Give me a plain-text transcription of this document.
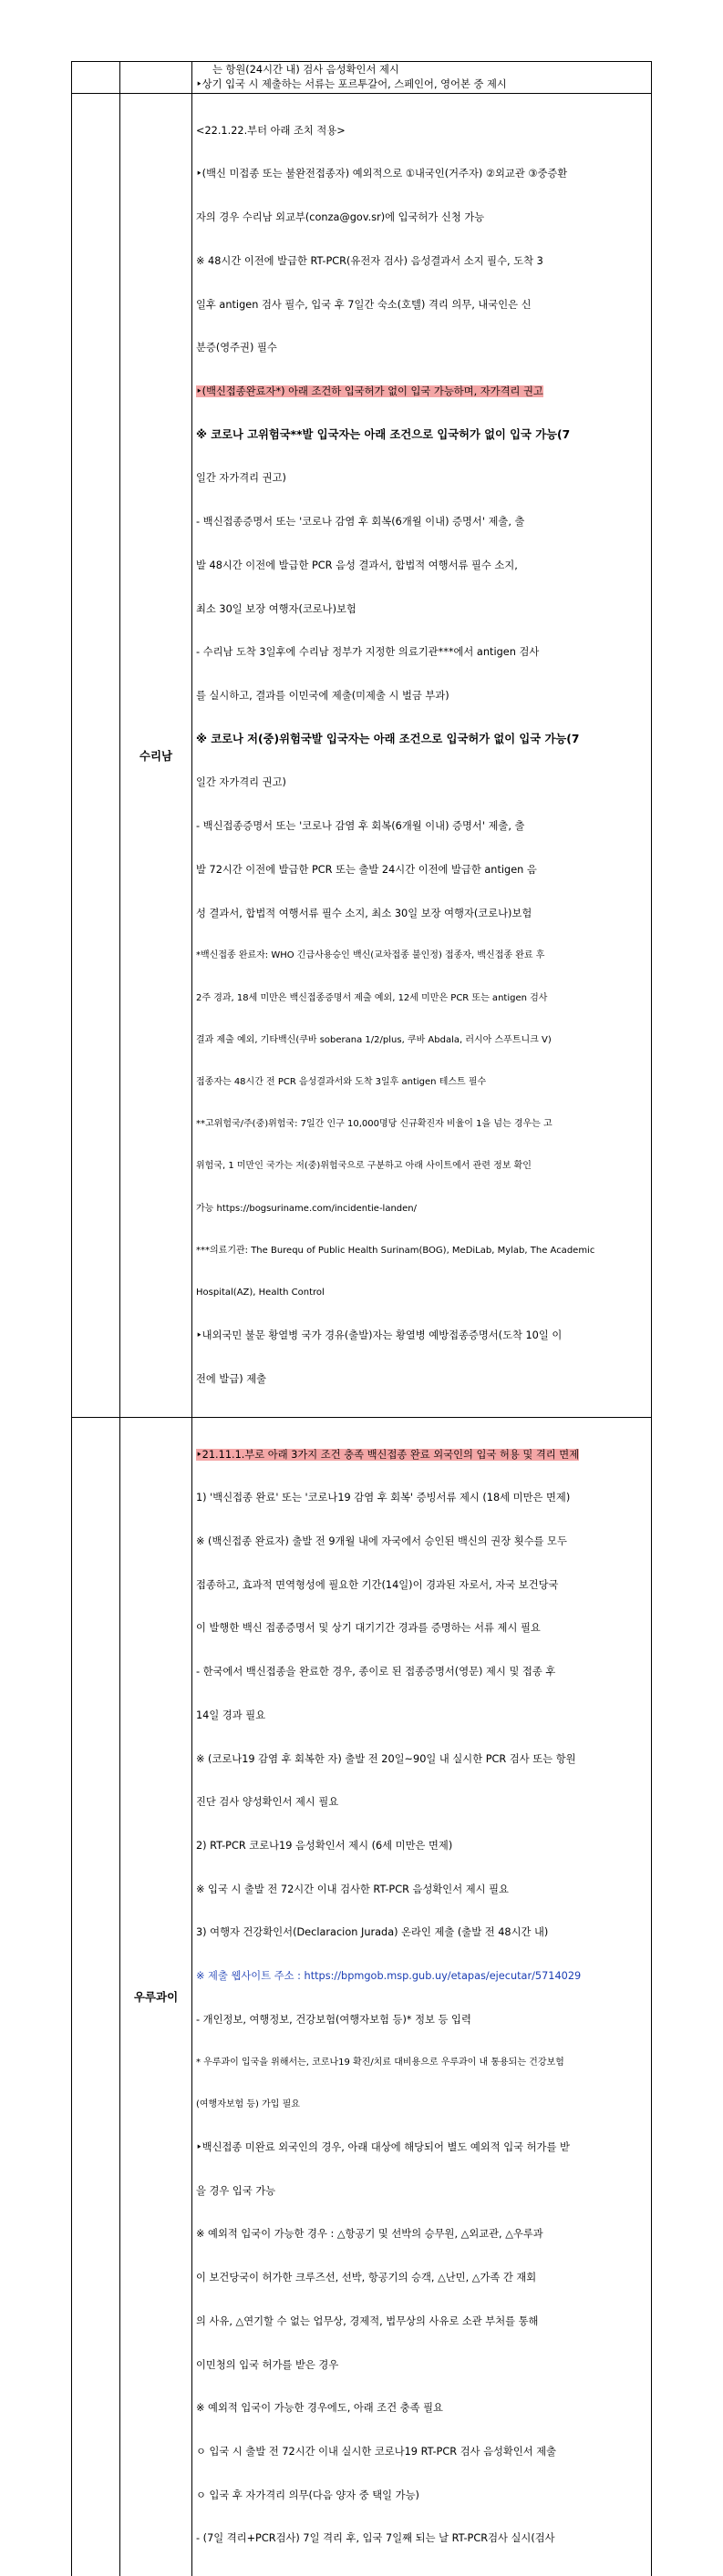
는 항원(24시간 내) 검사 음성확인서 제시
‣상기 입국 시 제출하는 서류는 포르투갈어, 스페인어, 영어본 중 제시
수리남

<22.1.22.부터 아래 조치 적용>

‣(백신 미접종 또는 불완전접종자) 예외적으로 ①내국인(거주자) ②외교관 ③중증환

자의 경우 수리남 외교부(conza@gov.sr)에 입국허가 신청 가능

※ 48시간 이전에 발급한 RT-PCR(유전자 검사) 음성결과서 소지 필수, 도착 3

일후 antigen 검사 필수, 입국 후 7일간 숙소(호텔) 격리 의무, 내국인은 신

분증(영주권) 필수

‣(백신접종완료자*) 아래 조건하 입국허가 없이 입국 가능하며, 자가격리 권고

※ 코로나 고위험국**발 입국자는 아래 조건으로 입국허가 없이 입국 가능(7

일간 자가격리 권고)

- 백신접종증명서 또는 '코로나 감염 후 회복(6개월 이내) 증명서' 제출, 출

발 48시간 이전에 발급한 PCR 음성 결과서, 합법적 여행서류 필수 소지,

최소 30일 보장 여행자(코로나)보험

- 수리남 도착 3일후에 수리남 정부가 지정한 의료기관***에서 antigen 검사

를 실시하고, 결과를 이민국에 제출(미제출 시 벌금 부과)

※ 코로나 저(중)위험국발 입국자는 아래 조건으로 입국허가 없이 입국 가능(7

일간 자가격리 권고)

- 백신접종증명서 또는 '코로나 감염 후 회복(6개월 이내) 증명서' 제출, 출

발 72시간 이전에 발급한 PCR 또는 출발 24시간 이전에 발급한 antigen 음

성 결과서, 합법적 여행서류 필수 소지, 최소 30일 보장 여행자(코로나)보험

*백신접종 완료자: WHO 긴급사용승인 백신(교차접종 불인정) 접종자, 백신접종 완료 후

2주 경과, 18세 미만은 백신접종증명서 제출 예외, 12세 미만은 PCR 또는 antigen 검사

결과 제출 예외, 기타백신(쿠바 soberana 1/2/plus, 쿠바 Abdala, 러시아 스푸트니크 V)

접종자는 48시간 전 PCR 음성결과서와 도착 3일후 antigen 테스트 필수

**고위험국/주(중)위험국: 7일간 인구 10,000명당 신규확진자 비율이 1을 넘는 경우는 고

위험국, 1 미만인 국가는 저(중)위험국으로 구분하고 아래 사이트에서 관련 정보 확인

가능 https://bogsuriname.com/incidentie-landen/

***의료기관: The Burequ of Public Health Surinam(BOG), MeDiLab, Mylab, The Academic

Hospital(AZ), Health Control

‣내외국민 불문 황열병 국가 경유(출발)자는 황열병 예방접종증명서(도착 10일 이

전에 발급) 제출

우루과이

‣21.11.1.부로 아래 3가지 조건 충족 백신접종 완료 외국인의 입국 허용 및 격리 면제

1) '백신접종 완료' 또는 '코로나19 감염 후 회복' 증빙서류 제시 (18세 미만은 면제)

※ (백신접종 완료자) 출발 전 9개월 내에 자국에서 승인된 백신의 권장 횟수를 모두

접종하고, 효과적 면역형성에 필요한 기간(14일)이 경과된 자로서, 자국 보건당국

이 발행한 백신 접종증명서 및 상기 대기기간 경과를 증명하는 서류 제시 필요

- 한국에서 백신접종을 완료한 경우, 종이로 된 접종증명서(영문) 제시 및 접종 후

14일 경과 필요

※ (코로나19 감염 후 회복한 자) 출발 전 20일~90일 내 실시한 PCR 검사 또는 항원

진단 검사 양성확인서 제시 필요

2) RT-PCR 코로나19 음성확인서 제시 (6세 미만은 면제)

※ 입국 시 출발 전 72시간 이내 검사한 RT-PCR 음성확인서 제시 필요

3) 여행자 건강확인서(Declaracion Jurada) 온라인 제출 (출발 전 48시간 내)

※ 제출 웹사이트 주소 : https://bpmgob.msp.gub.uy/etapas/ejecutar/5714029

- 개인정보, 여행정보, 건강보험(여행자보험 등)* 정보 등 입력

* 우루과이 입국을 위해서는, 코로나19 확진/치료 대비용으로 우루과이 내 통용되는 건강보험

(여행자보험 등) 가입 필요

‣백신접종 미완료 외국인의 경우, 아래 대상에 해당되어 별도 예외적 입국 허가를 받

을 경우 입국 가능

※ 예외적 입국이 가능한 경우 : △항공기 및 선박의 승무원, △외교관, △우루과

이 보건당국이 허가한 크루즈선, 선박, 항공기의 승객, △난민, △가족 간 재회

의 사유, △연기할 수 없는 업무상, 경제적, 법무상의 사유로 소관 부처를 통해

이민청의 입국 허가를 받은 경우

※ 예외적 입국이 가능한 경우에도, 아래 조건 충족 필요

ㅇ 입국 시 출발 전 72시간 이내 실시한 코로나19 RT-PCR 검사 음성확인서 제출

ㅇ 입국 후 자가격리 의무(다음 양자 중 택일 가능)

- (7일 격리+PCR검사) 7일 격리 후, 입국 7일째 되는 날 RT-PCR검사 실시(검사
